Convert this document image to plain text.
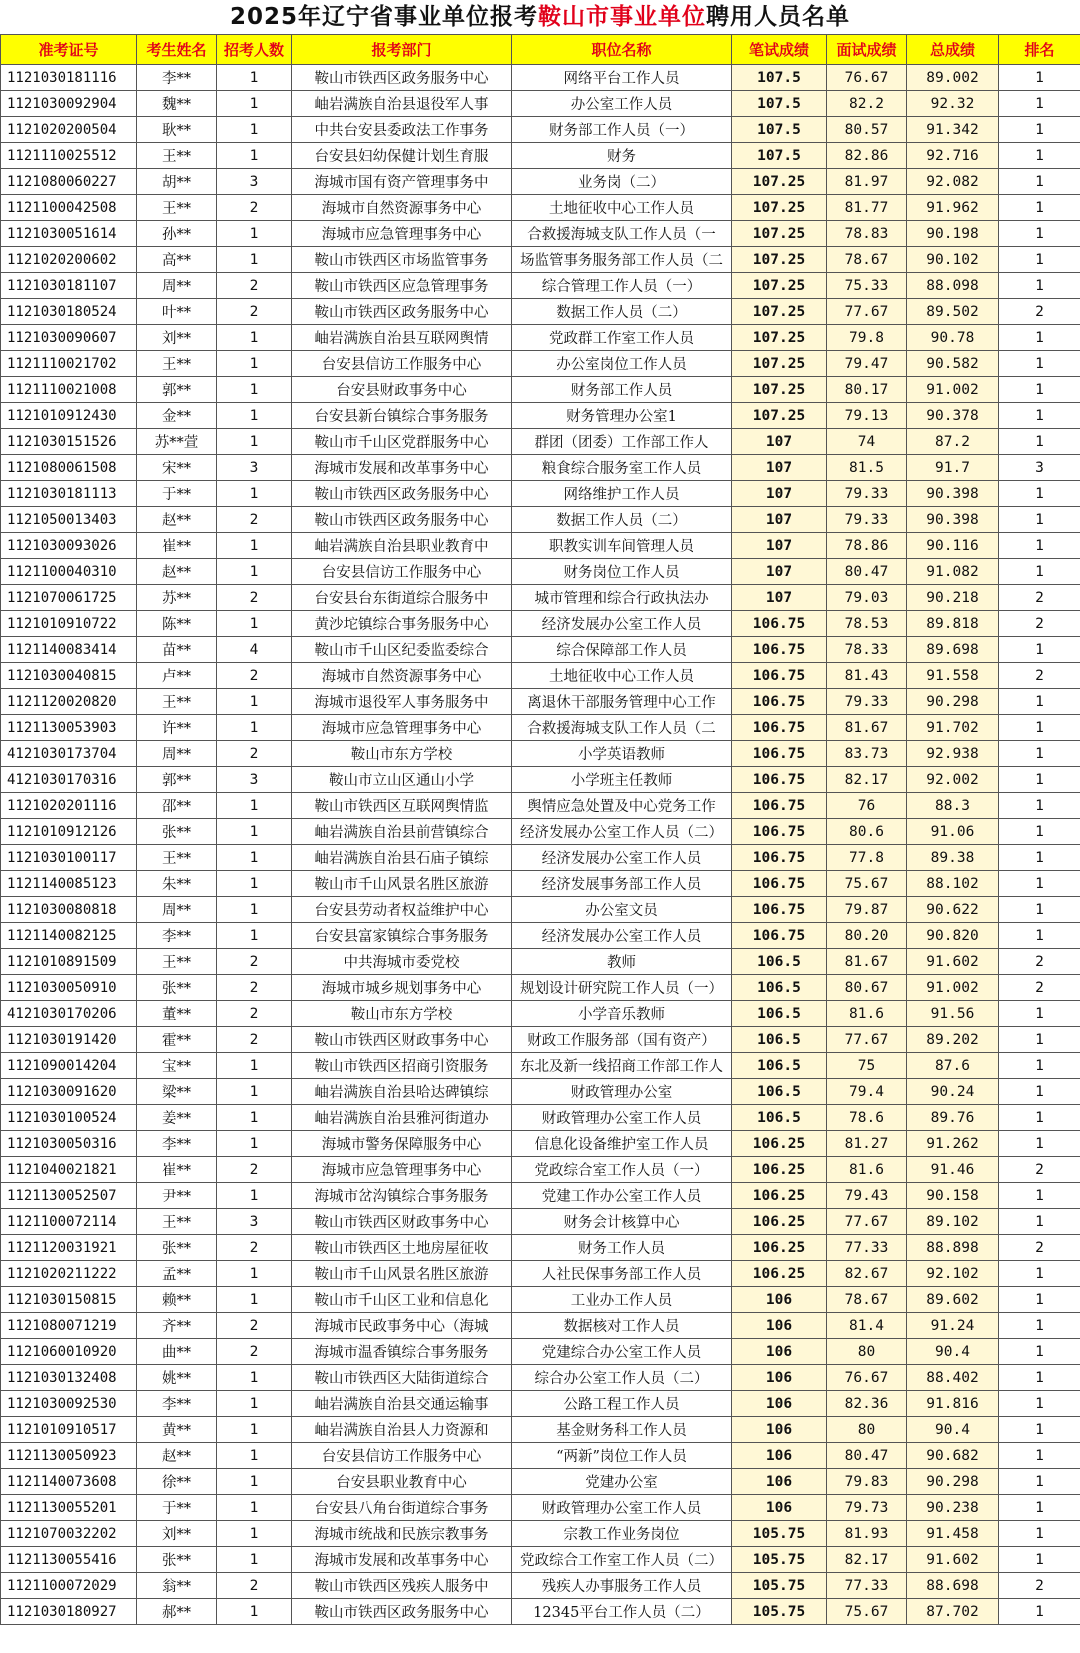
2025年辽宁省事业单位报考鞍山市事业单位聘用人员名单
准考证号	考生姓名	招考人数	报考部门	职位名称	笔试成绩	面试成绩	总成绩	排名
1121030181116	李**	1	鞍山市铁西区政务服务中心	网络平台工作人员	107.5	76.67	89.002	1
1121030092904	魏**	1	岫岩满族自治县退役军人事	办公室工作人员	107.5	82.2	92.32	1
1121020200504	耿**	1	中共台安县委政法工作事务	财务部工作人员（一）	107.5	80.57	91.342	1
1121110025512	王**	1	台安县妇幼保健计划生育服	财务	107.5	82.86	92.716	1
1121080060227	胡**	3	海城市国有资产管理事务中	业务岗（二）	107.25	81.97	92.082	1
1121100042508	王**	2	海城市自然资源事务中心	土地征收中心工作人员	107.25	81.77	91.962	1
1121030051614	孙**	1	海城市应急管理事务中心	合救援海城支队工作人员（一	107.25	78.83	90.198	1
1121020200602	高**	1	鞍山市铁西区市场监管事务	场监管事务服务部工作人员（二	107.25	78.67	90.102	1
1121030181107	周**	2	鞍山市铁西区应急管理事务	综合管理工作人员（一）	107.25	75.33	88.098	1
1121030180524	叶**	2	鞍山市铁西区政务服务中心	数据工作人员（二）	107.25	77.67	89.502	2
1121030090607	刘**	1	岫岩满族自治县互联网舆情	党政群工作室工作人员	107.25	79.8	90.78	1
1121110021702	王**	1	台安县信访工作服务中心	办公室岗位工作人员	107.25	79.47	90.582	1
1121110021008	郭**	1	台安县财政事务中心	财务部工作人员	107.25	80.17	91.002	1
1121010912430	金**	1	台安县新台镇综合事务服务	财务管理办公室1	107.25	79.13	90.378	1
1121030151526	苏**萱	1	鞍山市千山区党群服务中心	群团（团委）工作部工作人	107	74	87.2	1
1121080061508	宋**	3	海城市发展和改革事务中心	粮食综合服务室工作人员	107	81.5	91.7	3
1121030181113	于**	1	鞍山市铁西区政务服务中心	网络维护工作人员	107	79.33	90.398	1
1121050013403	赵**	2	鞍山市铁西区政务服务中心	数据工作人员（二）	107	79.33	90.398	1
1121030093026	崔**	1	岫岩满族自治县职业教育中	职教实训车间管理人员	107	78.86	90.116	1
1121100040310	赵**	1	台安县信访工作服务中心	财务岗位工作人员	107	80.47	91.082	1
1121070061725	苏**	2	台安县台东街道综合服务中	城市管理和综合行政执法办	107	79.03	90.218	2
1121010910722	陈**	1	黄沙坨镇综合事务服务中心	经济发展办公室工作人员	106.75	78.53	89.818	2
1121140083414	苗**	4	鞍山市千山区纪委监委综合	综合保障部工作人员	106.75	78.33	89.698	1
1121030040815	卢**	2	海城市自然资源事务中心	土地征收中心工作人员	106.75	81.43	91.558	2
1121120020820	王**	1	海城市退役军人事务服务中	离退休干部服务管理中心工作	106.75	79.33	90.298	1
1121130053903	许**	1	海城市应急管理事务中心	合救援海城支队工作人员（二	106.75	81.67	91.702	1
4121030173704	周**	2	鞍山市东方学校	小学英语教师	106.75	83.73	92.938	1
4121030170316	郭**	3	鞍山市立山区通山小学	小学班主任教师	106.75	82.17	92.002	1
1121020201116	邵**	1	鞍山市铁西区互联网舆情监	舆情应急处置及中心党务工作	106.75	76	88.3	1
1121010912126	张**	1	岫岩满族自治县前营镇综合	经济发展办公室工作人员（二）	106.75	80.6	91.06	1
1121030100117	王**	1	岫岩满族自治县石庙子镇综	经济发展办公室工作人员	106.75	77.8	89.38	1
1121140085123	朱**	1	鞍山市千山风景名胜区旅游	经济发展事务部工作人员	106.75	75.67	88.102	1
1121030080818	周**	1	台安县劳动者权益维护中心	办公室文员	106.75	79.87	90.622	1
1121140082125	李**	1	台安县富家镇综合事务服务	经济发展办公室工作人员	106.75	80.20	90.820	1
1121010891509	王**	2	中共海城市委党校	教师	106.5	81.67	91.602	2
1121030050910	张**	2	海城市城乡规划事务中心	规划设计研究院工作人员（一）	106.5	80.67	91.002	2
4121030170206	董**	2	鞍山市东方学校	小学音乐教师	106.5	81.6	91.56	1
1121030191420	霍**	2	鞍山市铁西区财政事务中心	财政工作服务部（国有资产）	106.5	77.67	89.202	1
1121090014204	宝**	1	鞍山市铁西区招商引资服务	东北及新一线招商工作部工作人	106.5	75	87.6	1
1121030091620	梁**	1	岫岩满族自治县哈达碑镇综	财政管理办公室	106.5	79.4	90.24	1
1121030100524	姜**	1	岫岩满族自治县雅河街道办	财政管理办公室工作人员	106.5	78.6	89.76	1
1121030050316	李**	1	海城市警务保障服务中心	信息化设备维护室工作人员	106.25	81.27	91.262	1
1121040021821	崔**	2	海城市应急管理事务中心	党政综合室工作人员（一）	106.25	81.6	91.46	2
1121130052507	尹**	1	海城市岔沟镇综合事务服务	党建工作办公室工作人员	106.25	79.43	90.158	1
1121100072114	王**	3	鞍山市铁西区财政事务中心	财务会计核算中心	106.25	77.67	89.102	1
1121120031921	张**	2	鞍山市铁西区土地房屋征收	财务工作人员	106.25	77.33	88.898	2
1121020211222	孟**	1	鞍山市千山风景名胜区旅游	人社民保事务部工作人员	106.25	82.67	92.102	1
1121030150815	赖**	1	鞍山市千山区工业和信息化	工业办工作人员	106	78.67	89.602	1
1121080071219	齐**	2	海城市民政事务中心（海城	数据核对工作人员	106	81.4	91.24	1
1121060010920	曲**	2	海城市温香镇综合事务服务	党建综合办公室工作人员	106	80	90.4	1
1121030132408	姚**	1	鞍山市铁西区大陆街道综合	综合办公室工作人员（二）	106	76.67	88.402	1
1121030092530	李**	1	岫岩满族自治县交通运输事	公路工程工作人员	106	82.36	91.816	1
1121010910517	黄**	1	岫岩满族自治县人力资源和	基金财务科工作人员	106	80	90.4	1
1121130050923	赵**	1	台安县信访工作服务中心	“两新”岗位工作人员	106	80.47	90.682	1
1121140073608	徐**	1	台安县职业教育中心	党建办公室	106	79.83	90.298	1
1121130055201	于**	1	台安县八角台街道综合事务	财政管理办公室工作人员	106	79.73	90.238	1
1121070032202	刘**	1	海城市统战和民族宗教事务	宗教工作业务岗位	105.75	81.93	91.458	1
1121130055416	张**	1	海城市发展和改革事务中心	党政综合工作室工作人员（二）	105.75	82.17	91.602	1
1121100072029	翁**	2	鞍山市铁西区残疾人服务中	残疾人办事服务工作人员	105.75	77.33	88.698	2
1121030180927	郝**	1	鞍山市铁西区政务服务中心	12345平台工作人员（二）	105.75	75.67	87.702	1
